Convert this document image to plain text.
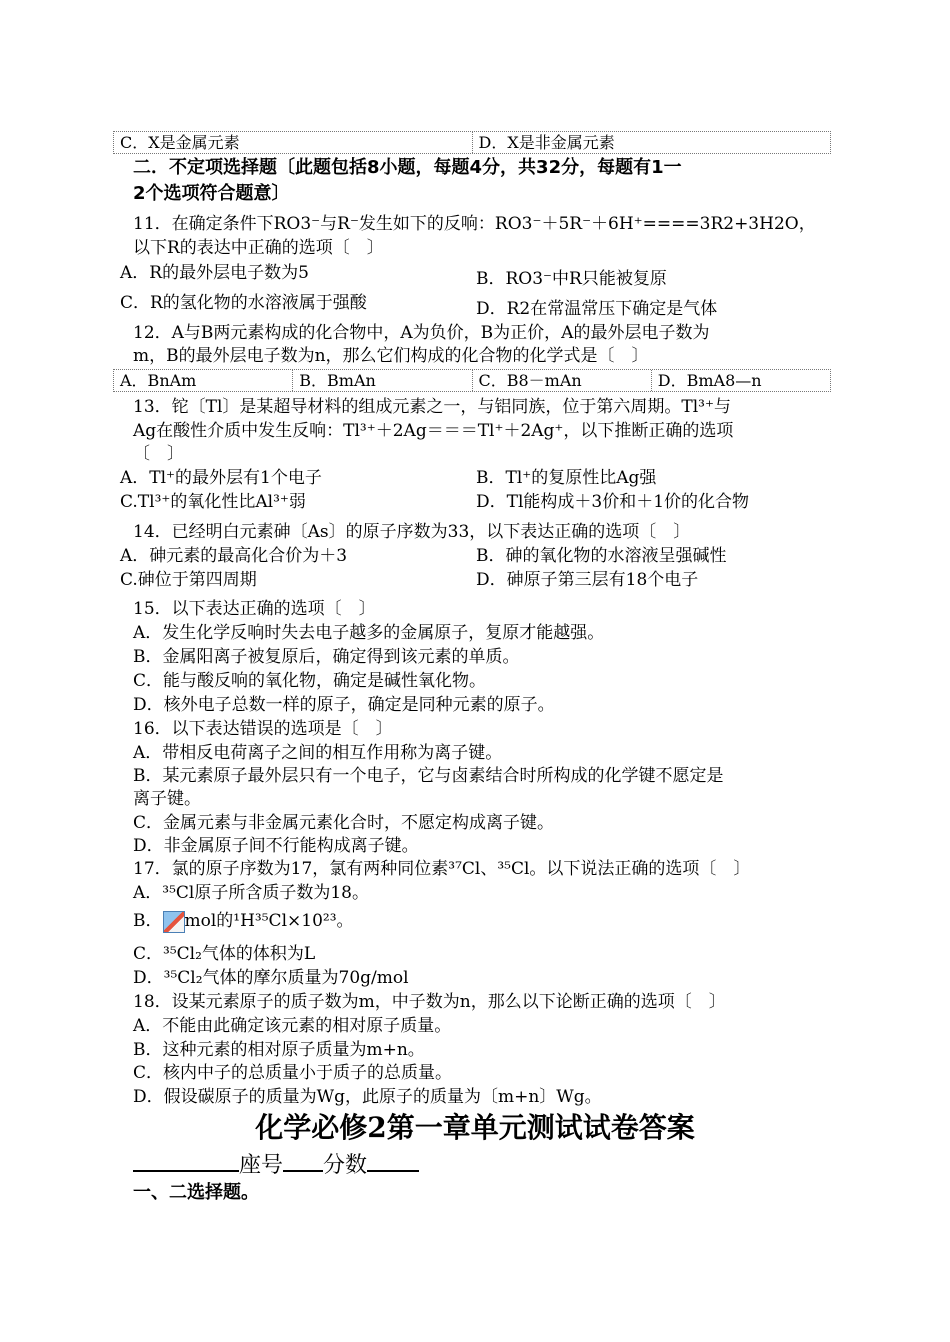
C．X是金属元素	D．X是非金属元素
二．不定项选择题〔此题包括8小题，每题4分，共32分，每题有1一
2个选项符合题意〕
11．在确定条件下RO3⁻与R⁻发生如下的反响：RO3⁻＋5R⁻＋6H⁺====3R2+3H2O，
以下R的表达中正确的选项〔　〕
A．R的最外层电子数为5	B．RO3⁻中R只能被复原
C．R的氢化物的水溶液属于强酸	D．R2在常温常压下确定是气体
12．A与B两元素构成的化合物中，A为负价，B为正价，A的最外层电子数为
m，B的最外层电子数为n，那么它们构成的化合物的化学式是〔　〕
A．BnAm	B．BmAn	C．B8－mAn	D．BmA8—n
13．铊〔Tl〕是某超导材料的组成元素之一，与铝同族，位于第六周期。Tl³⁺与
Ag在酸性介质中发生反响：Tl³⁺＋2Ag＝＝＝Tl⁺＋2Ag⁺，以下推断正确的选项
〔　〕
A．Tl⁺的最外层有1个电子	B．Tl⁺的复原性比Ag强
C.Tl³⁺的氧化性比Al³⁺弱	D．Tl能构成＋3价和＋1价的化合物
14．已经明白元素砷〔As〕的原子序数为33，以下表达正确的选项〔　〕
A．砷元素的最高化合价为＋3	B．砷的氧化物的水溶液呈强碱性
C.砷位于第四周期	D．砷原子第三层有18个电子
15．以下表达正确的选项〔　〕
A．发生化学反响时失去电子越多的金属原子，复原才能越强。
B．金属阳离子被复原后，确定得到该元素的单质。
C．能与酸反响的氧化物，确定是碱性氧化物。
D．核外电子总数一样的原子，确定是同种元素的原子。
16．以下表达错误的选项是〔　〕
A．带相反电荷离子之间的相互作用称为离子键。
B．某元素原子最外层只有一个电子，它与卤素结合时所构成的化学键不愿定是
离子键。
C．金属元素与非金属元素化合时，不愿定构成离子键。
D．非金属原子间不行能构成离子键。
17．氯的原子序数为17，氯有两种同位素³⁷Cl、³⁵Cl。以下说法正确的选项〔　〕
A．³⁵Cl原子所含质子数为18。
B． mol的¹H³⁵Cl×10²³。
C．³⁵Cl₂气体的体积为L
D．³⁵Cl₂气体的摩尔质量为70g/mol
18．设某元素原子的质子数为m，中子数为n，那么以下论断正确的选项〔　〕
A．不能由此确定该元素的相对原子质量。
B．这种元素的相对原子质量为m+n。
C．核内中子的总质量小于质子的总质量。
D．假设碳原子的质量为Wg，此原子的质量为〔m+n〕Wg。
化学必修2第一章单元测试试卷答案
座号 分数
一、二选择题。
